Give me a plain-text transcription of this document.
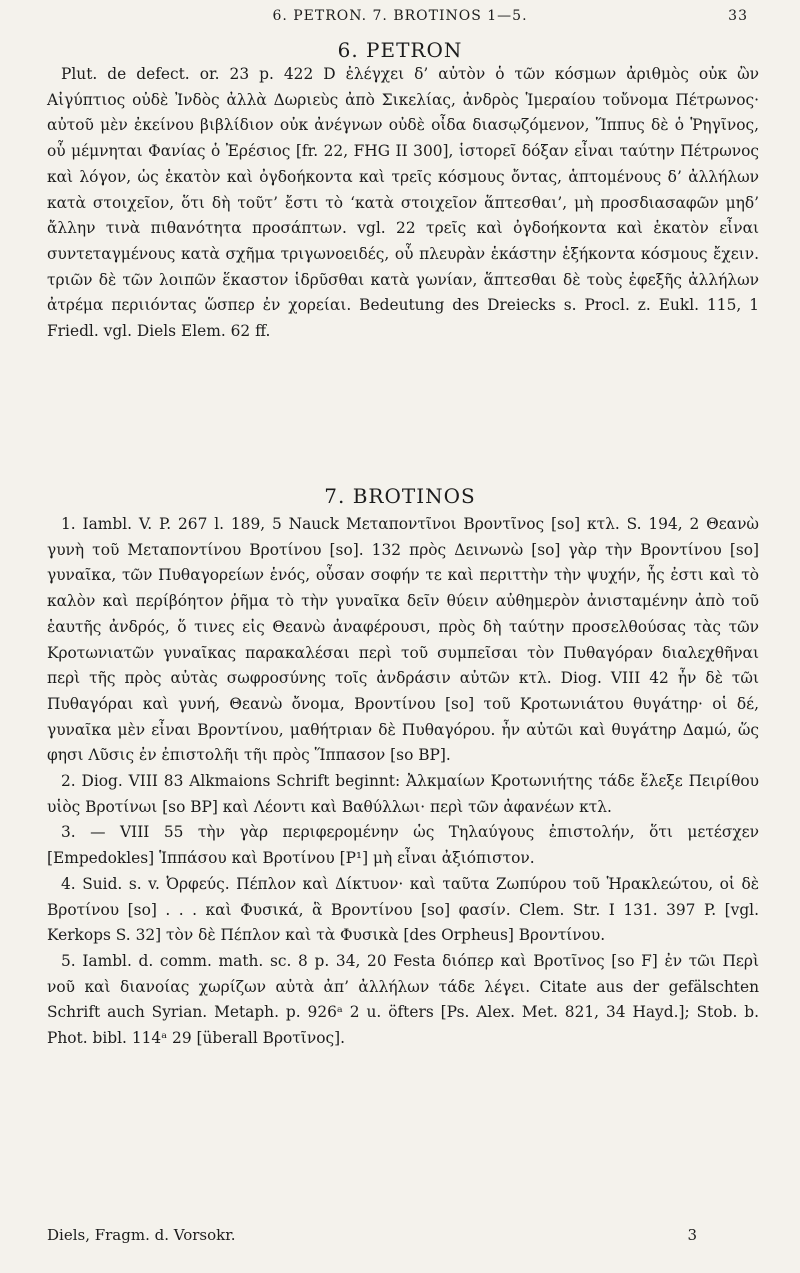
6. PETRON. 7. BROTINOS 1—5.	33
6. PETRON

Plut. de defect. or. 23 p. 422 D ἐλέγχει δ’ αὐτὸν ὁ τῶν κόσμων ἀριθμὸς οὐκ ὢν Αἰγύπτιος οὐδὲ Ἰνδὸς ἀλλὰ Δωριεὺς ἀπὸ Σικελίας, ἀνδρὸς Ἱμεραίου τοὔνομα Πέτρωνος· αὐτοῦ μὲν ἐκείνου βιβλίδιον οὐκ ἀνέγνων οὐδὲ οἶδα διασῳζόμενον, Ἵππυς δὲ ὁ Ῥηγῖνος, οὗ μέμνηται Φανίας ὁ Ἐρέσιος [fr. 22, FHG II 300], ἱστορεῖ δόξαν εἶναι ταύτην Πέτρωνος καὶ λόγον, ὡς ἑκατὸν καὶ ὀγδοήκοντα καὶ τρεῖς κόσμους ὄντας, ἁπτομένους δ’ ἀλλήλων κατὰ στοιχεῖον, ὅτι δὴ τοῦτ’ ἔστι τὸ ‘κατὰ στοιχεῖον ἅπτεσθαι’, μὴ προσδιασαφῶν μηδ’ ἄλλην τινὰ πιθανότητα προσάπτων. vgl. 22 τρεῖς καὶ ὀγδοήκοντα καὶ ἑκατὸν εἶναι συντεταγμένους κατὰ σχῆμα τριγωνοειδές, οὗ πλευρὰν ἑκάστην ἑξήκοντα κόσμους ἔχειν. τριῶν δὲ τῶν λοιπῶν ἕκαστον ἱδρῦσθαι κατὰ γωνίαν, ἅπτεσθαι δὲ τοὺς ἐφεξῆς ἀλλήλων ἀτρέμα περιιόντας ὥσπερ ἐν χορείαι. Bedeutung des Dreiecks s. Procl. z. Eukl. 115, 1 Friedl. vgl. Diels Elem. 62 ff.

7. BROTINOS

1. Iambl. V. P. 267 l. 189, 5 Nauck Μεταποντῖνοι Βροντῖνος [so] κτλ. S. 194, 2 Θεανὼ γυνὴ τοῦ Μεταποντίνου Βροτίνου [so]. 132 πρὸς Δεινωνὼ [so] γὰρ τὴν Βροντίνου [so] γυναῖκα, τῶν Πυθαγορείων ἑνός, οὖσαν σοφήν τε καὶ περιττὴν τὴν ψυχήν, ἧς ἐστι καὶ τὸ καλὸν καὶ περίβόητον ῥῆμα τὸ τὴν γυναῖκα δεῖν θύειν αὐθημερὸν ἀνισταμένην ἀπὸ τοῦ ἑαυτῆς ἀνδρός, ὅ τινες εἰς Θεανὼ ἀναφέρουσι, πρὸς δὴ ταύτην προσελθούσας τὰς τῶν Κροτωνιατῶν γυναῖκας παρακαλέσαι περὶ τοῦ συμπεῖσαι τὸν Πυθαγόραν διαλεχθῆναι περὶ τῆς πρὸς αὐτὰς σωφροσύνης τοῖς ἀνδράσιν αὐτῶν κτλ. Diog. VIII 42 ἦν δὲ τῶι Πυθαγόραι καὶ γυνή, Θεανὼ ὄνομα, Βροντίνου [so] τοῦ Κροτωνιάτου θυγάτηρ· οἱ δέ, γυναῖκα μὲν εἶναι Βροντίνου, μαθήτριαν δὲ Πυθαγόρου. ἦν αὐτῶι καὶ θυγάτηρ Δαμώ, ὥς φησι Λῦσις ἐν ἐπιστολῆι τῆι πρὸς Ἵππασον [so BP].

2. Diog. VIII 83 Alkmaions Schrift beginnt: Ἀλκμαίων Κροτωνιήτης τάδε ἔλεξε Πειρίθου υἱὸς Βροτίνωι [so BP] καὶ Λέοντι καὶ Βαθύλλωι· περὶ τῶν ἀφανέων κτλ.

3. — VIII 55 τὴν γὰρ περιφερομένην ὡς Τηλαύγους ἐπιστολήν, ὅτι μετέσχεν [Empedokles] Ἱππάσου καὶ Βροτίνου [P¹] μὴ εἶναι ἀξιόπιστον.

4. Suid. s. v. Ὀρφεύς. Πέπλον καὶ Δίκτυον· καὶ ταῦτα Ζωπύρου τοῦ Ἡρακλεώτου, οἱ δὲ Βροτίνου [so] . . . καὶ Φυσικά, ἃ Βροντίνου [so] φασίν. Clem. Str. I 131. 397 P. [vgl. Kerkops S. 32] τὸν δὲ Πέπλον καὶ τὰ Φυσικὰ [des Orpheus] Βροντίνου.

5. Iambl. d. comm. math. sc. 8 p. 34, 20 Festa διόπερ καὶ Βροτῖνος [so F] ἐν τῶι Περὶ νοῦ καὶ διανοίας χωρίζων αὐτὰ ἀπ’ ἀλλήλων τάδε λέγει. Citate aus der gefälschten Schrift auch Syrian. Metaph. p. 926ᵃ 2 u. öfters [Ps. Alex. Met. 821, 34 Hayd.]; Stob. b. Phot. bibl. 114ᵃ 29 [überall Βροτῖνος].

Diels, Fragm. d. Vorsokr.	3
